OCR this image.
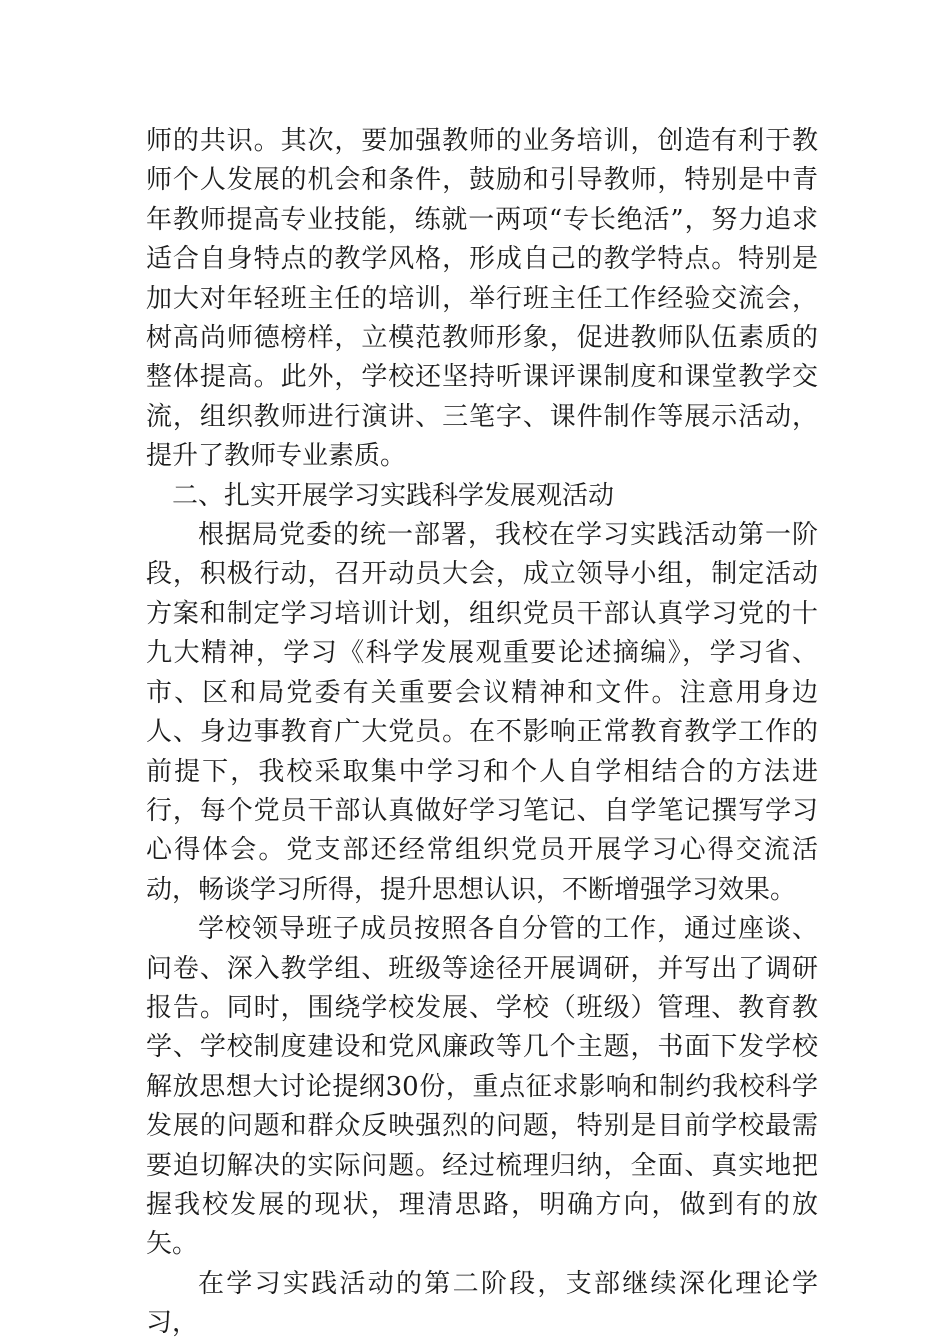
师的共识。其次，要加强教师的业务培训，创造有利于教师个人发展的机会和条件，鼓励和引导教师，特别是中青年教师提高专业技能，练就一两项“专长绝活”，努力追求适合自身特点的教学风格，形成自己的教学特点。特别是加大对年轻班主任的培训，举行班主任工作经验交流会，树高尚师德榜样，立模范教师形象，促进教师队伍素质的整体提高。此外，学校还坚持听课评课制度和课堂教学交流，组织教师进行演讲、三笔字、课件制作等展示活动，提升了教师专业素质。

二、扎实开展学习实践科学发展观活动

根据局党委的统一部署，我校在学习实践活动第一阶段，积极行动，召开动员大会，成立领导小组，制定活动方案和制定学习培训计划，组织党员干部认真学习党的十九大精神，学习《科学发展观重要论述摘编》，学习省、市、区和局党委有关重要会议精神和文件。注意用身边人、身边事教育广大党员。在不影响正常教育教学工作的前提下，我校采取集中学习和个人自学相结合的方法进行，每个党员干部认真做好学习笔记、自学笔记撰写学习心得体会。党支部还经常组织党员开展学习心得交流活动，畅谈学习所得，提升思想认识，不断增强学习效果。

学校领导班子成员按照各自分管的工作，通过座谈、问卷、深入教学组、班级等途径开展调研，并写出了调研报告。同时，围绕学校发展、学校（班级）管理、教育教学、学校制度建设和党风廉政等几个主题，书面下发学校解放思想大讨论提纲30份，重点征求影响和制约我校科学发展的问题和群众反映强烈的问题，特别是目前学校最需要迫切解决的实际问题。经过梳理归纳，全面、真实地把握我校发展的现状，理清思路，明确方向，做到有的放矢。

在学习实践活动的第二阶段，支部继续深化理论学习，
